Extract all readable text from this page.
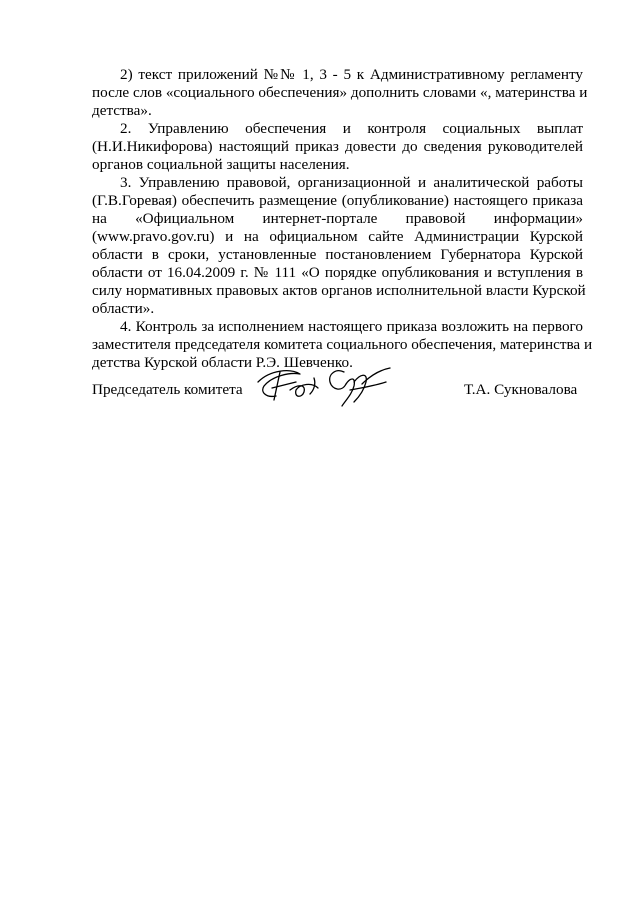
2) текст приложений №№ 1, 3 - 5 к Административному регламенту
после слов «социального обеспечения» дополнить словами «, материнства и
детства».
2. Управлению обеспечения и контроля социальных выплат
(Н.И.Никифорова) настоящий приказ довести до сведения руководителей
органов социальной защиты населения.
3. Управлению правовой, организационной и аналитической работы
(Г.В.Горевая) обеспечить размещение (опубликование) настоящего приказа
на «Официальном интернет-портале правовой информации»
(www.pravo.gov.ru) и на официальном сайте Администрации Курской
области в сроки, установленные постановлением Губернатора Курской
области от 16.04.2009 г. № 111 «О порядке опубликования и вступления в
силу нормативных правовых актов органов исполнительной власти Курской
области».
4. Контроль за исполнением настоящего приказа возложить на первого
заместителя председателя комитета социального обеспечения, материнства и
детства Курской области Р.Э. Шевченко.
Председатель комитета	Т.А. Сукновалова
